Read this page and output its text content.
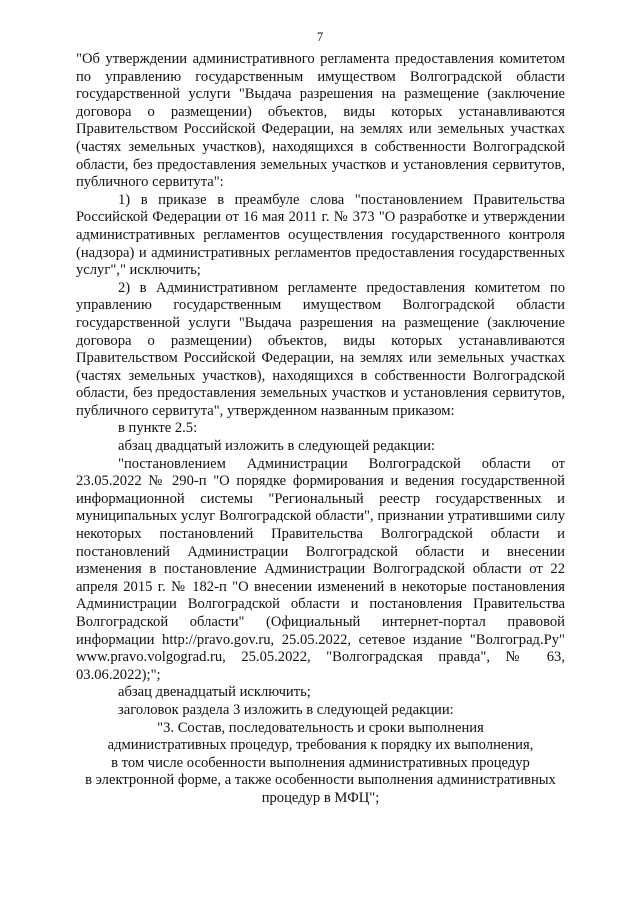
7

"Об утверждении административного регламента предоставления комитетом по управлению государственным имуществом Волгоградской области государственной услуги "Выдача разрешения на размещение (заключение договора о размещении) объектов, виды которых устанавливаются Правительством Российской Федерации, на землях или земельных участках (частях земельных участков), находящихся в собственности Волгоградской области, без предоставления земельных участков и установления сервитутов, публичного сервитута":

1) в приказе в преамбуле слова "постановлением Правительства Российской Федерации от 16 мая 2011 г. № 373 "О разработке и утверждении административных регламентов осуществления государственного контроля (надзора) и административных регламентов предоставления государственных услуг"," исключить;

2) в Административном регламенте предоставления комитетом по управлению государственным имуществом Волгоградской области государственной услуги "Выдача разрешения на размещение (заключение договора о размещении) объектов, виды которых устанавливаются Правительством Российской Федерации, на землях или земельных участках (частях земельных участков), находящихся в собственности Волгоградской области, без предоставления земельных участков и установления сервитутов, публичного сервитута", утвержденном названным приказом:

в пункте 2.5:

абзац двадцатый изложить в следующей редакции:

"постановлением Администрации Волгоградской области от 23.05.2022 № 290-п "О порядке формирования и ведения государственной информационной системы "Региональный реестр государственных и муниципальных услуг Волгоградской области", признании утратившими силу некоторых постановлений Правительства Волгоградской области и постановлений Администрации Волгоградской области и внесении изменения в постановление Администрации Волгоградской области от 22 апреля 2015 г. № 182-п "О внесении изменений в некоторые постановления Администрации Волгоградской области и постановления Правительства Волгоградской области" (Официальный интернет-портал правовой информации http://pravo.gov.ru, 25.05.2022, сетевое издание "Волгоград.Ру" www.pravo.volgograd.ru, 25.05.2022, "Волгоградская правда", № 63, 03.06.2022);";

абзац двенадцатый исключить;

заголовок раздела 3 изложить в следующей редакции:

"3. Состав, последовательность и сроки выполнения
административных процедур, требования к порядку их выполнения,
в том числе особенности выполнения административных процедур
в электронной форме, а также особенности выполнения административных
процедур в МФЦ";
